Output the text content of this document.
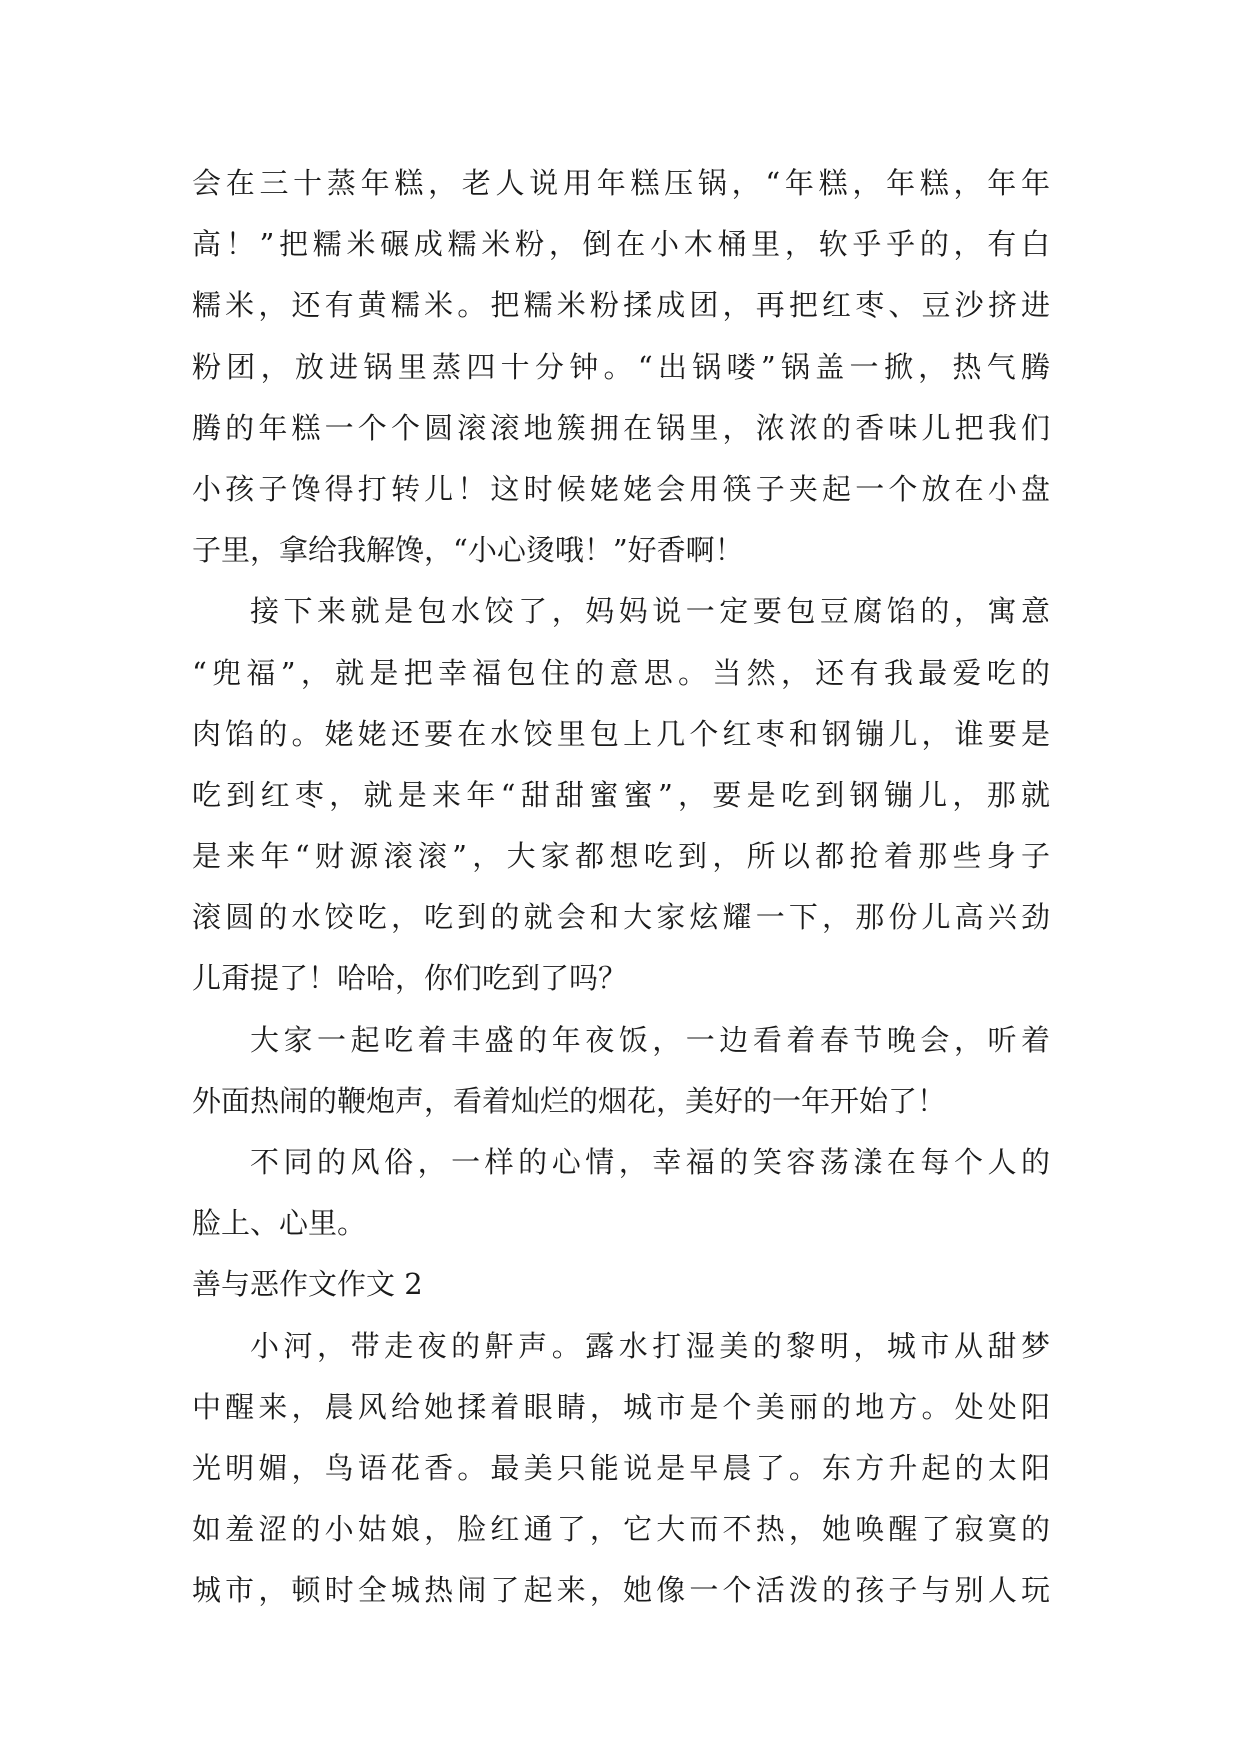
会在三十蒸年糕，老人说用年糕压锅，“年糕，年糕，年年
高！”把糯米碾成糯米粉，倒在小木桶里，软乎乎的，有白
糯米，还有黄糯米。把糯米粉揉成团，再把红枣、豆沙挤进
粉团，放进锅里蒸四十分钟。“出锅喽”锅盖一掀，热气腾
腾的年糕一个个圆滚滚地簇拥在锅里，浓浓的香味儿把我们
小孩子馋得打转儿！这时候姥姥会用筷子夹起一个放在小盘
子里，拿给我解馋，“小心烫哦！”好香啊！
接下来就是包水饺了，妈妈说一定要包豆腐馅的，寓意
“兜福”，就是把幸福包住的意思。当然，还有我最爱吃的
肉馅的。姥姥还要在水饺里包上几个红枣和钢镚儿，谁要是
吃到红枣，就是来年“甜甜蜜蜜”，要是吃到钢镚儿，那就
是来年“财源滚滚”，大家都想吃到，所以都抢着那些身子
滚圆的水饺吃，吃到的就会和大家炫耀一下，那份儿高兴劲
儿甭提了！哈哈，你们吃到了吗？
大家一起吃着丰盛的年夜饭，一边看着春节晚会，听着
外面热闹的鞭炮声，看着灿烂的烟花，美好的一年开始了！
不同的风俗，一样的心情，幸福的笑容荡漾在每个人的
脸上、心里。
善与恶作文作文 2
小河，带走夜的鼾声。露水打湿美的黎明，城市从甜梦
中醒来，晨风给她揉着眼睛，城市是个美丽的地方。处处阳
光明媚，鸟语花香。最美只能说是早晨了。东方升起的太阳
如羞涩的小姑娘，脸红通了，它大而不热，她唤醒了寂寞的
城市，顿时全城热闹了起来，她像一个活泼的孩子与别人玩
